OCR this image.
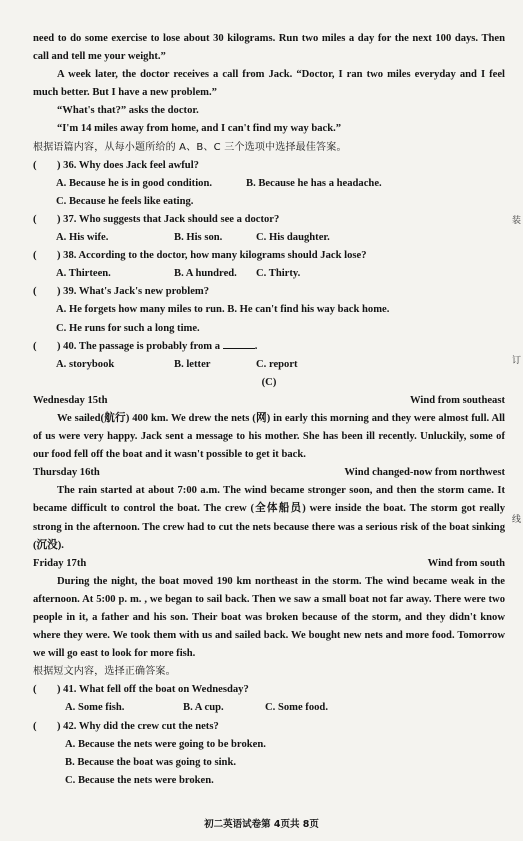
need to do some exercise to lose about 30 kilograms. Run two miles a day for the next 100 days. Then call and tell me your weight.”

A week later, the doctor receives a call from Jack. “Doctor, I ran two miles everyday and I feel much better. But I have a new problem.”

“What's that?” asks the doctor.

“I'm 14 miles away from home, and I can't find my way back.”

根据语篇内容，从每小题所给的 A、B、C 三个选项中选择最佳答案。

(	) 36. Why does Jack feel awful?
A. Because he is in good condition.	B. Because he has a headache.
C. Because he feels like eating.
(	) 37. Who suggests that Jack should see a doctor?
A. His wife.	B. His son.	C. His daughter.
(	) 38. According to the doctor, how many kilograms should Jack lose?
A. Thirteen.	B. A hundred. C. Thirty.
(	) 39. What's Jack's new problem?
A. He forgets how many miles to run. B. He can't find his way back home.
C. He runs for such a long time.
(	) 40. The passage is probably from a	.
A. storybook	B. letter	C. report

(C)

Wednesday 15th	Wind from southeast

We sailed(航行) 400 km. We drew the nets (网) in early this morning and they were almost full. All of us were very happy. Jack sent a message to his mother. She has been ill recently. Unluckily, some of our food fell off the boat and it wasn't possible to get it back.

Thursday 16th	Wind changed-now from northwest

The rain started at about 7:00 a.m. The wind became stronger soon, and then the storm came. It became difficult to control the boat. The crew (全体船员) were inside the boat. The storm got really strong in the afternoon. The crew had to cut the nets because there was a serious risk of the boat sinking (沉没).

Friday 17th	Wind from south

During the night, the boat moved 190 km northeast in the storm. The wind became weak in the afternoon. At 5:00 p. m. , we began to sail back. Then we saw a small boat not far away. There were two people in it, a father and his son. Their boat was broken because of the storm, and they didn't know where they were. We took them with us and sailed back. We bought new nets and more food. Tomorrow we will go east to look for more fish.

根据短文内容，选择正确答案。

(	) 41. What fell off the boat on Wednesday?
A. Some fish.	B. A cup.	C. Some food.
(	) 42. Why did the crew cut the nets?
A. Because the nets were going to be broken.
B. Because the boat was going to sink.
C. Because the nets were broken.
装
订
线
初二英语试卷第 4页共 8页
